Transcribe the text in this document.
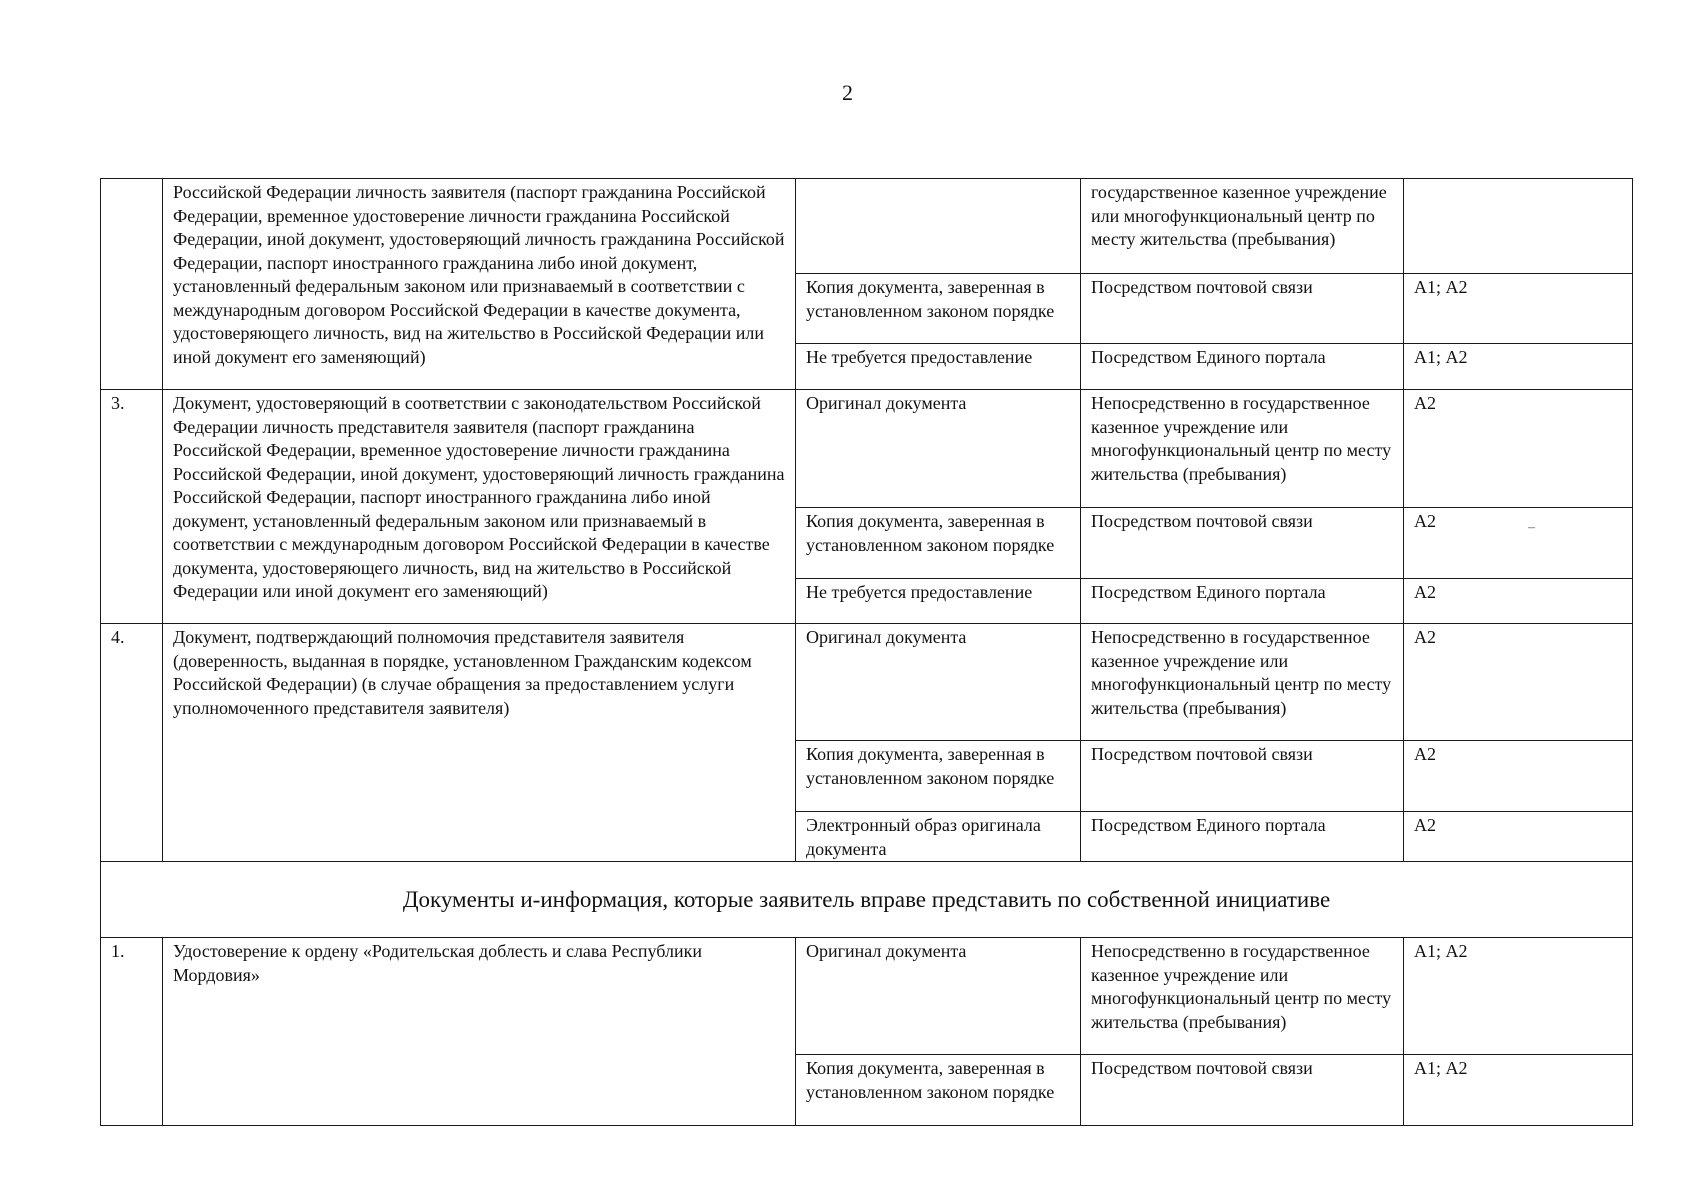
2
	Российской Федерации личность заявителя (паспорт гражданина Российской Федерации, временное удостоверение личности гражданина Российской Федерации, иной документ, удостоверяющий личность гражданина Российской Федерации, паспорт иностранного гражданина либо иной документ, установленный федеральным законом или признаваемый в соответствии с международным договором Российской Федерации в качестве документа, удостоверяющего личность, вид на жительство в Российской Федерации или иной документ его заменяющий)		государственное казенное учреждение или многофункциональный центр по месту жительства (пребывания)	
		Копия документа, заверенная в установленном законом порядке	Посредством почтовой связи	А1; А2
		Не требуется предоставление	Посредством Единого портала	А1; А2
3.	Документ, удостоверяющий в соответствии с законодательством Российской Федерации личность представителя заявителя (паспорт гражданина Российской Федерации, временное удостоверение личности гражданина Российской Федерации, иной документ, удостоверяющий личность гражданина Российской Федерации, паспорт иностранного гражданина либо иной документ, установленный федеральным законом или признаваемый в соответствии с международным договором Российской Федерации в качестве документа, удостоверяющего личность, вид на жительство в Российской Федерации или иной документ его заменяющий)	Оригинал документа	Непосредственно в государственное казенное учреждение или многофункциональный центр по месту жительства (пребывания)	А2
		Копия документа, заверенная в установленном законом порядке	Посредством почтовой связи	А2
		Не требуется предоставление	Посредством Единого портала	А2
4.	Документ, подтверждающий полномочия представителя заявителя (доверенность, выданная в порядке, установленном Гражданским кодексом Российской Федерации) (в случае обращения за предоставлением услуги уполномоченного представителя заявителя)	Оригинал документа	Непосредственно в государственное казенное учреждение или многофункциональный центр по месту жительства (пребывания)	А2
		Копия документа, заверенная в установленном законом порядке	Посредством почтовой связи	А2
		Электронный образ оригинала документа	Посредством Единого портала	А2
Документы и-информация, которые заявитель вправе представить по собственной инициативе				
1.	Удостоверение к ордену «Родительская доблесть и слава Республики Мордовия»	Оригинал документа	Непосредственно в государственное казенное учреждение или многофункциональный центр по месту жительства (пребывания)	А1; А2
		Копия документа, заверенная в установленном законом порядке	Посредством почтовой связи	А1; А2
–
